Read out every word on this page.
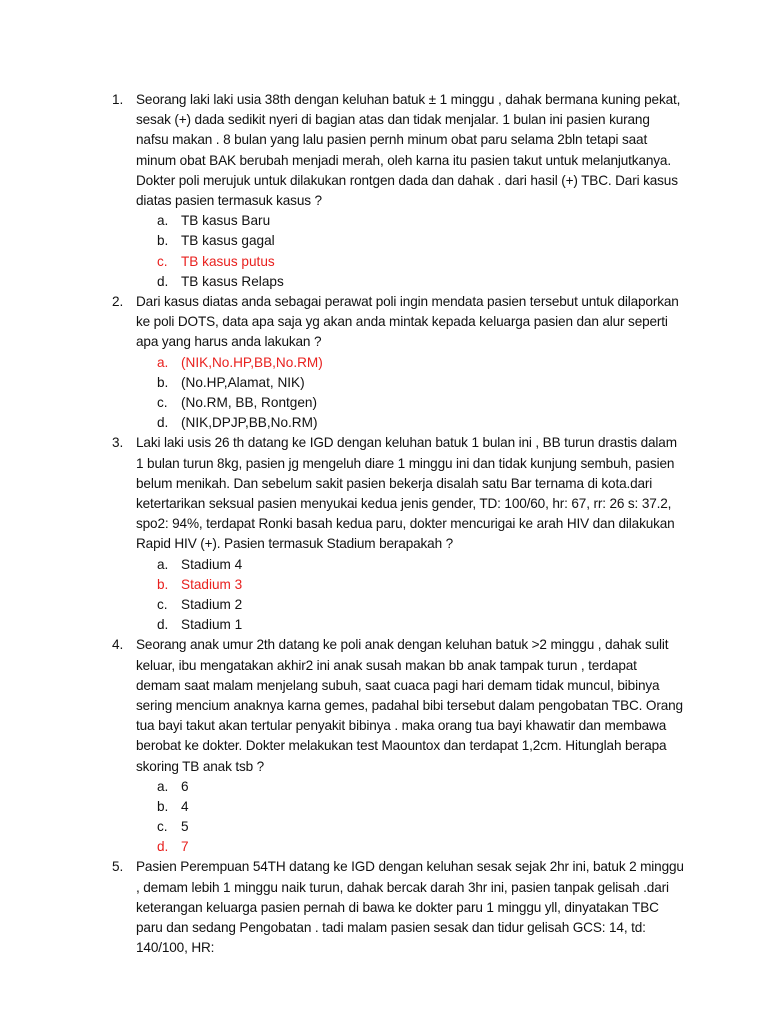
1. Seorang laki laki usia 38th dengan keluhan batuk ± 1 minggu , dahak bermana kuning pekat, sesak (+) dada sedikit nyeri di bagian atas dan tidak menjalar. 1 bulan ini pasien kurang nafsu makan . 8 bulan yang lalu pasien pernh minum obat paru selama 2bln tetapi saat minum obat BAK berubah menjadi merah, oleh karna itu pasien takut untuk melanjutkanya. Dokter poli merujuk untuk dilakukan rontgen dada dan dahak . dari hasil (+) TBC. Dari kasus diatas pasien termasuk kasus ?
a. TB kasus Baru
b. TB kasus gagal
c. TB kasus putus
d. TB kasus Relaps
2. Dari kasus diatas anda sebagai perawat poli ingin mendata pasien tersebut untuk dilaporkan ke poli DOTS, data apa saja yg akan anda mintak kepada keluarga pasien dan alur seperti apa yang harus anda lakukan ?
a. (NIK,No.HP,BB,No.RM)
b. (No.HP,Alamat, NIK)
c. (No.RM, BB, Rontgen)
d. (NIK,DPJP,BB,No.RM)
3. Laki laki usis 26 th datang ke IGD dengan keluhan batuk 1 bulan ini , BB turun drastis dalam 1 bulan turun 8kg, pasien jg mengeluh diare 1 minggu ini dan tidak kunjung sembuh, pasien belum menikah. Dan sebelum sakit pasien bekerja disalah satu Bar ternama di kota.dari ketertarikan seksual pasien menyukai kedua jenis gender, TD: 100/60, hr: 67, rr: 26 s: 37.2, spo2: 94%, terdapat Ronki basah kedua paru, dokter mencurigai ke arah HIV dan dilakukan Rapid HIV (+). Pasien termasuk Stadium berapakah ?
a. Stadium 4
b. Stadium 3
c. Stadium 2
d. Stadium 1
4. Seorang anak umur 2th datang ke poli anak dengan keluhan batuk >2 minggu , dahak sulit keluar, ibu mengatakan akhir2 ini anak susah makan bb anak tampak turun , terdapat demam saat malam menjelang subuh, saat cuaca pagi hari demam tidak muncul, bibinya sering mencium anaknya karna gemes, padahal bibi tersebut dalam pengobatan TBC. Orang tua bayi takut akan tertular penyakit bibinya . maka orang tua bayi khawatir dan membawa berobat ke dokter. Dokter melakukan test Maountox dan terdapat 1,2cm. Hitunglah berapa skoring TB anak tsb ?
a. 6
b. 4
c. 5
d. 7
5. Pasien Perempuan 54TH datang ke IGD dengan keluhan sesak sejak 2hr ini, batuk 2 minggu , demam lebih 1 minggu naik turun, dahak bercak darah 3hr ini, pasien tanpak gelisah .dari keterangan keluarga pasien pernah di bawa ke dokter paru 1 minggu yll, dinyatakan TBC paru dan sedang Pengobatan . tadi malam pasien sesak dan tidur gelisah GCS: 14, td: 140/100, HR:
